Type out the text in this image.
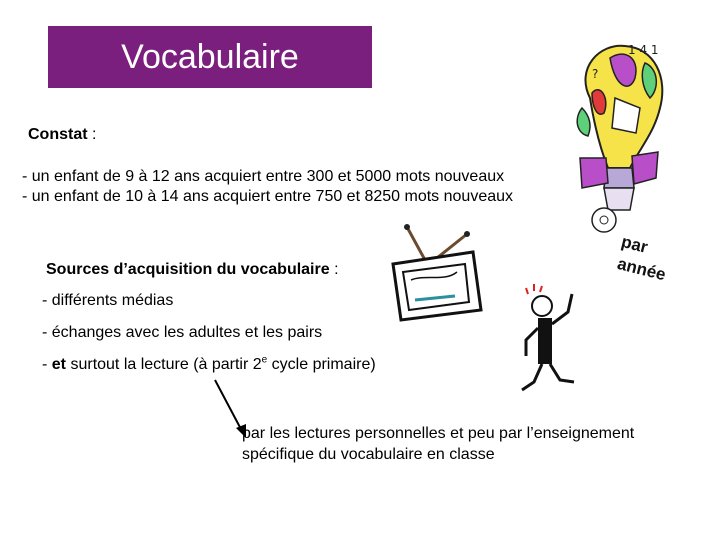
Vocabulaire
Constat :
- un enfant de 9 à 12 ans acquiert entre 300 et 5000 mots nouveaux
- un enfant de 10 à 14 ans acquiert entre 750 et 8250 mots nouveaux
Sources d’acquisition du vocabulaire :
- différents médias
- échanges avec les adultes et les pairs
- et surtout la lecture (à partir 2e cycle primaire)
par les lectures personnelles et peu par l’enseignement
spécifique du vocabulaire en classe
1 4 1
?
par
année
